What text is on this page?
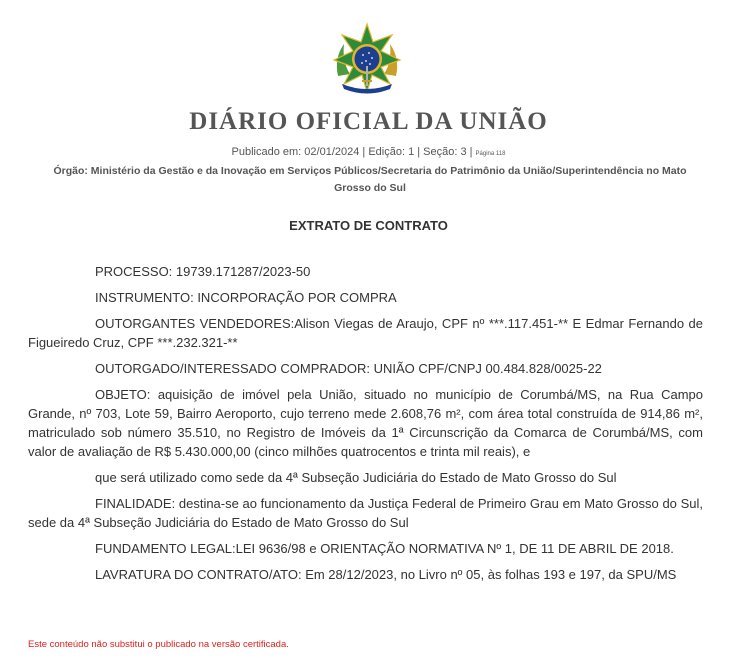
DIÁRIO OFICIAL DA UNIÃO
Publicado em: 02/01/2024 | Edição: 1 | Seção: 3 | Página 118
Órgão: Ministério da Gestão e da Inovação em Serviços Públicos/Secretaria do Patrimônio da União/Superintendência no Mato Grosso do Sul
EXTRATO DE CONTRATO

PROCESSO: 19739.171287/2023-50

INSTRUMENTO: INCORPORAÇÃO POR COMPRA

OUTORGANTES VENDEDORES:Alison Viegas de Araujo, CPF nº ***.117.451-** E Edmar Fernando de Figueiredo Cruz, CPF ***.232.321-**

OUTORGADO/INTERESSADO COMPRADOR: UNIÃO CPF/CNPJ 00.484.828/0025-22

OBJETO: aquisição de imóvel pela União, situado no município de Corumbá/MS, na Rua Campo Grande, nº 703, Lote 59, Bairro Aeroporto, cujo terreno mede 2.608,76 m², com área total construída de 914,86 m², matriculado sob número 35.510, no Registro de Imóveis da 1ª Circunscrição da Comarca de Corumbá/MS, com valor de avaliação de R$ 5.430.000,00 (cinco milhões quatrocentos e trinta mil reais), e

que será utilizado como sede da 4ª Subseção Judiciária do Estado de Mato Grosso do Sul

FINALIDADE: destina-se ao funcionamento da Justiça Federal de Primeiro Grau em Mato Grosso do Sul, sede da 4ª Subseção Judiciária do Estado de Mato Grosso do Sul

FUNDAMENTO LEGAL:LEI 9636/98 e ORIENTAÇÃO NORMATIVA Nº 1, DE 11 DE ABRIL DE 2018.

LAVRATURA DO CONTRATO/ATO: Em 28/12/2023, no Livro nº 05, às folhas 193 e 197, da SPU/MS

Este conteúdo não substitui o publicado na versão certificada.
